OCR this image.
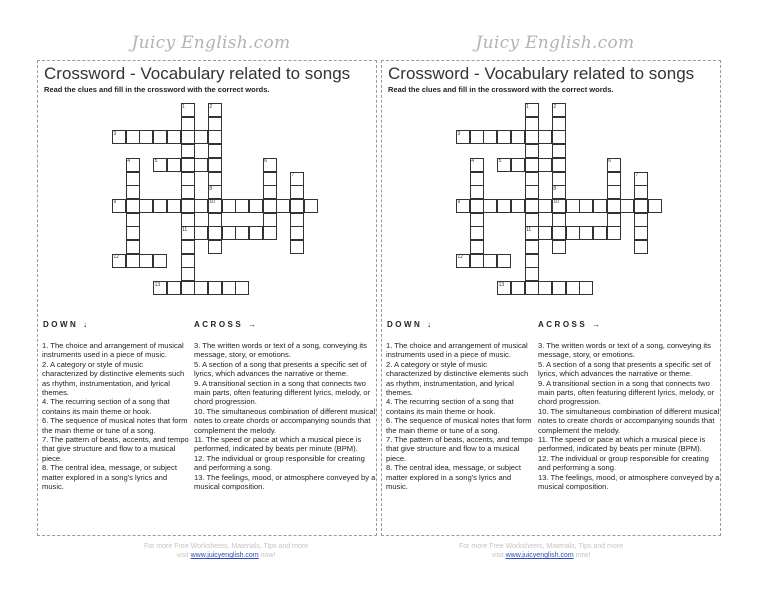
Juicy English.com	Juicy English.com
Crossword - Vocabulary related to songs
Read the clues and fill in the crossword with the correct words.
1	2
3
4	5	6
7
8
9	10
11
12
13
DOWN ↓	ACROSS →

1. The choice and arrangement of musical instruments used in a piece of music.

2. A category or style of music characterized by distinctive elements such as rhythm, instrumentation, and lyrical themes.

4. The recurring section of a song that contains its main theme or hook.

6. The sequence of musical notes that form the main theme or tune of a song.

7. The pattern of beats, accents, and tempo that give structure and flow to a musical piece.

8. The central idea, message, or subject matter explored in a song's lyrics and music.

3. The written words or text of a song, conveying its message, story, or emotions.

5. A section of a song that presents a specific set of lyrics, which advances the narrative or theme.

9. A transitional section in a song that connects two main parts, often featuring different lyrics, melody, or chord progression.

10. The simultaneous combination of different musical notes to create chords or accompanying sounds that complement the melody.

11. The speed or pace at which a musical piece is performed, indicated by beats per minute (BPM).

12. The individual or group responsible for creating and performing a song.

13. The feelings, mood, or atmosphere conveyed by a musical composition.

Crossword - Vocabulary related to songs
Read the clues and fill in the crossword with the correct words.
1	2
3
4	5	6
7
8
9	10
11
12
13
DOWN ↓	ACROSS →

1. The choice and arrangement of musical instruments used in a piece of music.

2. A category or style of music characterized by distinctive elements such as rhythm, instrumentation, and lyrical themes.

4. The recurring section of a song that contains its main theme or hook.

6. The sequence of musical notes that form the main theme or tune of a song.

7. The pattern of beats, accents, and tempo that give structure and flow to a musical piece.

8. The central idea, message, or subject matter explored in a song's lyrics and music.

3. The written words or text of a song, conveying its message, story, or emotions.

5. A section of a song that presents a specific set of lyrics, which advances the narrative or theme.

9. A transitional section in a song that connects two main parts, often featuring different lyrics, melody, or chord progression.

10. The simultaneous combination of different musical notes to create chords or accompanying sounds that complement the melody.

11. The speed or pace at which a musical piece is performed, indicated by beats per minute (BPM).

12. The individual or group responsible for creating and performing a song.

13. The feelings, mood, or atmosphere conveyed by a musical composition.

For more Free Worksheets, Materials, Tips and more
visit www.juicyenglish.com now!
For more Free Worksheets, Materials, Tips and more
visit www.juicyenglish.com now!
